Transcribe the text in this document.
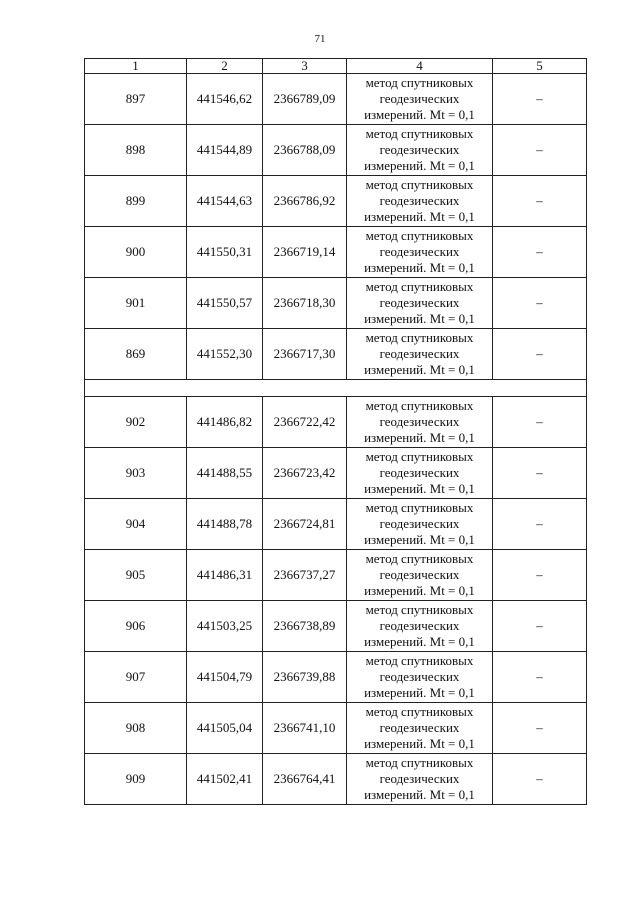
71
1	2	3	4	5
897	441546,62	2366789,09	метод спутниковых
геодезических
измерений. Mt = 0,1	–
898	441544,89	2366788,09	метод спутниковых
геодезических
измерений. Mt = 0,1	–
899	441544,63	2366786,92	метод спутниковых
геодезических
измерений. Mt = 0,1	–
900	441550,31	2366719,14	метод спутниковых
геодезических
измерений. Mt = 0,1	–
901	441550,57	2366718,30	метод спутниковых
геодезических
измерений. Mt = 0,1	–
869	441552,30	2366717,30	метод спутниковых
геодезических
измерений. Mt = 0,1	–

902	441486,82	2366722,42	метод спутниковых
геодезических
измерений. Mt = 0,1	–
903	441488,55	2366723,42	метод спутниковых
геодезических
измерений. Mt = 0,1	–
904	441488,78	2366724,81	метод спутниковых
геодезических
измерений. Mt = 0,1	–
905	441486,31	2366737,27	метод спутниковых
геодезических
измерений. Mt = 0,1	–
906	441503,25	2366738,89	метод спутниковых
геодезических
измерений. Mt = 0,1	–
907	441504,79	2366739,88	метод спутниковых
геодезических
измерений. Mt = 0,1	–
908	441505,04	2366741,10	метод спутниковых
геодезических
измерений. Mt = 0,1	–
909	441502,41	2366764,41	метод спутниковых
геодезических
измерений. Mt = 0,1	–
